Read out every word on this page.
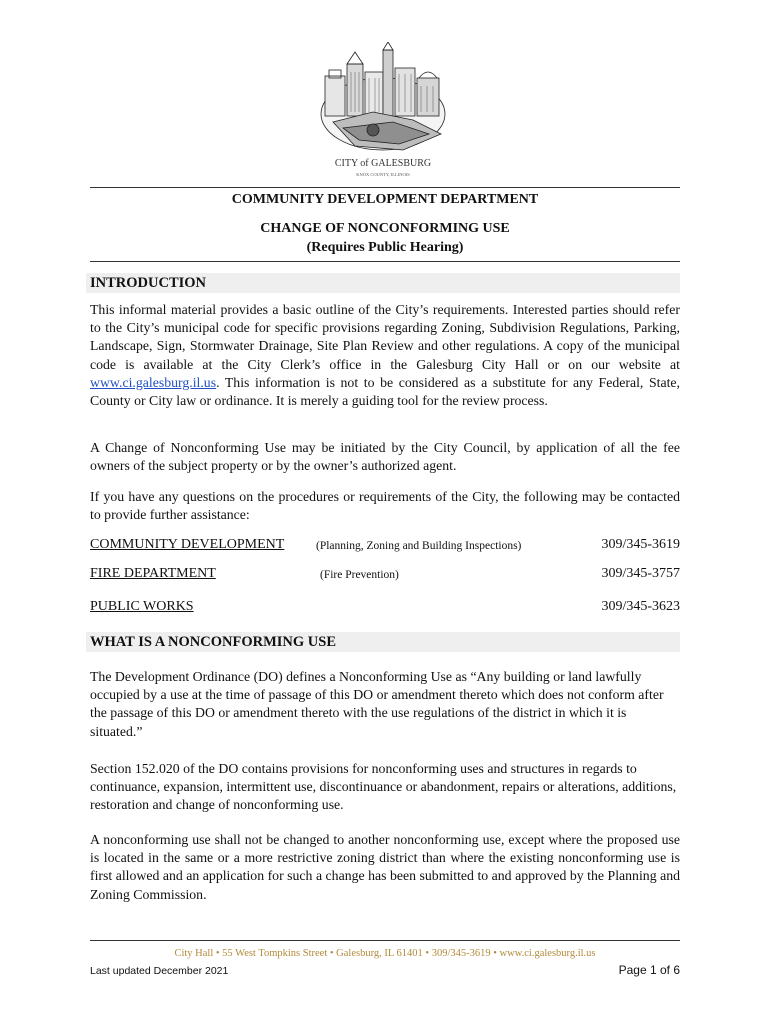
CITY of GALESBURG
KNOX COUNTY, ILLINOIS
COMMUNITY DEVELOPMENT DEPARTMENT
CHANGE OF NONCONFORMING USE
(Requires Public Hearing)
INTRODUCTION

This informal material provides a basic outline of the City’s requirements. Interested parties should refer to the City’s municipal code for specific provisions regarding Zoning, Subdivision Regulations, Parking, Landscape, Sign, Stormwater Drainage, Site Plan Review and other regulations. A copy of the municipal code is available at the City Clerk’s office in the Galesburg City Hall or on our website at www.ci.galesburg.il.us. This information is not to be considered as a substitute for any Federal, State, County or City law or ordinance. It is merely a guiding tool for the review process.

A Change of Nonconforming Use may be initiated by the City Council, by application of all the fee owners of the subject property or by the owner’s authorized agent.

If you have any questions on the procedures or requirements of the City, the following may be contacted to provide further assistance:

COMMUNITY DEVELOPMENT	(Planning, Zoning and Building Inspections)	309/345-3619
FIRE DEPARTMENT	(Fire Prevention)	309/345-3757
PUBLIC WORKS	309/345-3623
WHAT IS A NONCONFORMING USE

The Development Ordinance (DO) defines a Nonconforming Use as “Any building or land lawfully occupied by a use at the time of passage of this DO or amendment thereto which does not conform after the passage of this DO or amendment thereto with the use regulations of the district in which it is situated.”

Section 152.020 of the DO contains provisions for nonconforming uses and structures in regards to continuance, expansion, intermittent use, discontinuance or abandonment, repairs or alterations, additions, restoration and change of nonconforming use.

A nonconforming use shall not be changed to another nonconforming use, except where the proposed use is located in the same or a more restrictive zoning district than where the existing nonconforming use is first allowed and an application for such a change has been submitted to and approved by the Planning and Zoning Commission.

City Hall • 55 West Tompkins Street • Galesburg, IL 61401 • 309/345-3619 • www.ci.galesburg.il.us
Last updated December 2021	Page 1 of 6
